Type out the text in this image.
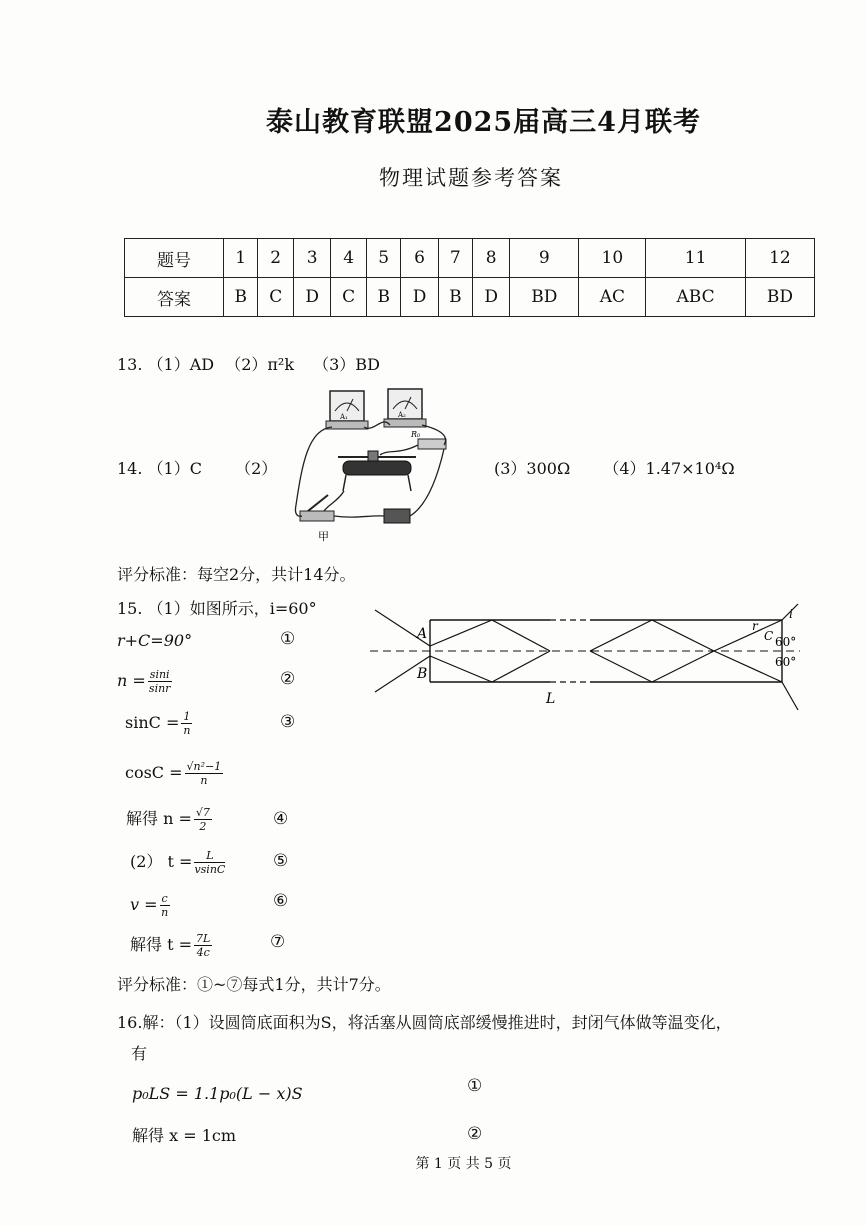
泰山教育联盟2025届高三4月联考
物理试题参考答案
题号	1	2	3	4	5	6	7	8	9	10	11	12
答案	B	C	D	C	B	D	B	D	BD	AC	ABC	BD
13. （1）AD （2）π²k （3）BD
14. （1）C （2）
A₁	A₂
R₀
甲
(3）300Ω （4）1.47×10⁴Ω
评分标准：每空2分，共计14分。
15. （1）如图所示，i=60°
r+C=90°	①
$n = \frac{\sin i}{\sin r}$	②
$\sin C = \frac{1}{n}$	③
$\cos C = \frac{\text{√n²−1}}{n}$
解得 $n = \frac{√7}{2}$	④
(2） $t = \frac{L}{vsinC}$	⑤
$v = \frac{c}{n}$	⑥
解得 $t = \frac{7L}{4c}$	⑦
A
B
L
i
r
C 60°
60°
评分标准：①~⑦每式1分，共计7分。
16.解：（1）设圆筒底面积为S，将活塞从圆筒底部缓慢推进时，封闭气体做等温变化，
有
p₀LS = 1.1p₀(L − x)S	①
解得 x = 1cm	②
第 1 页 共 5 页
